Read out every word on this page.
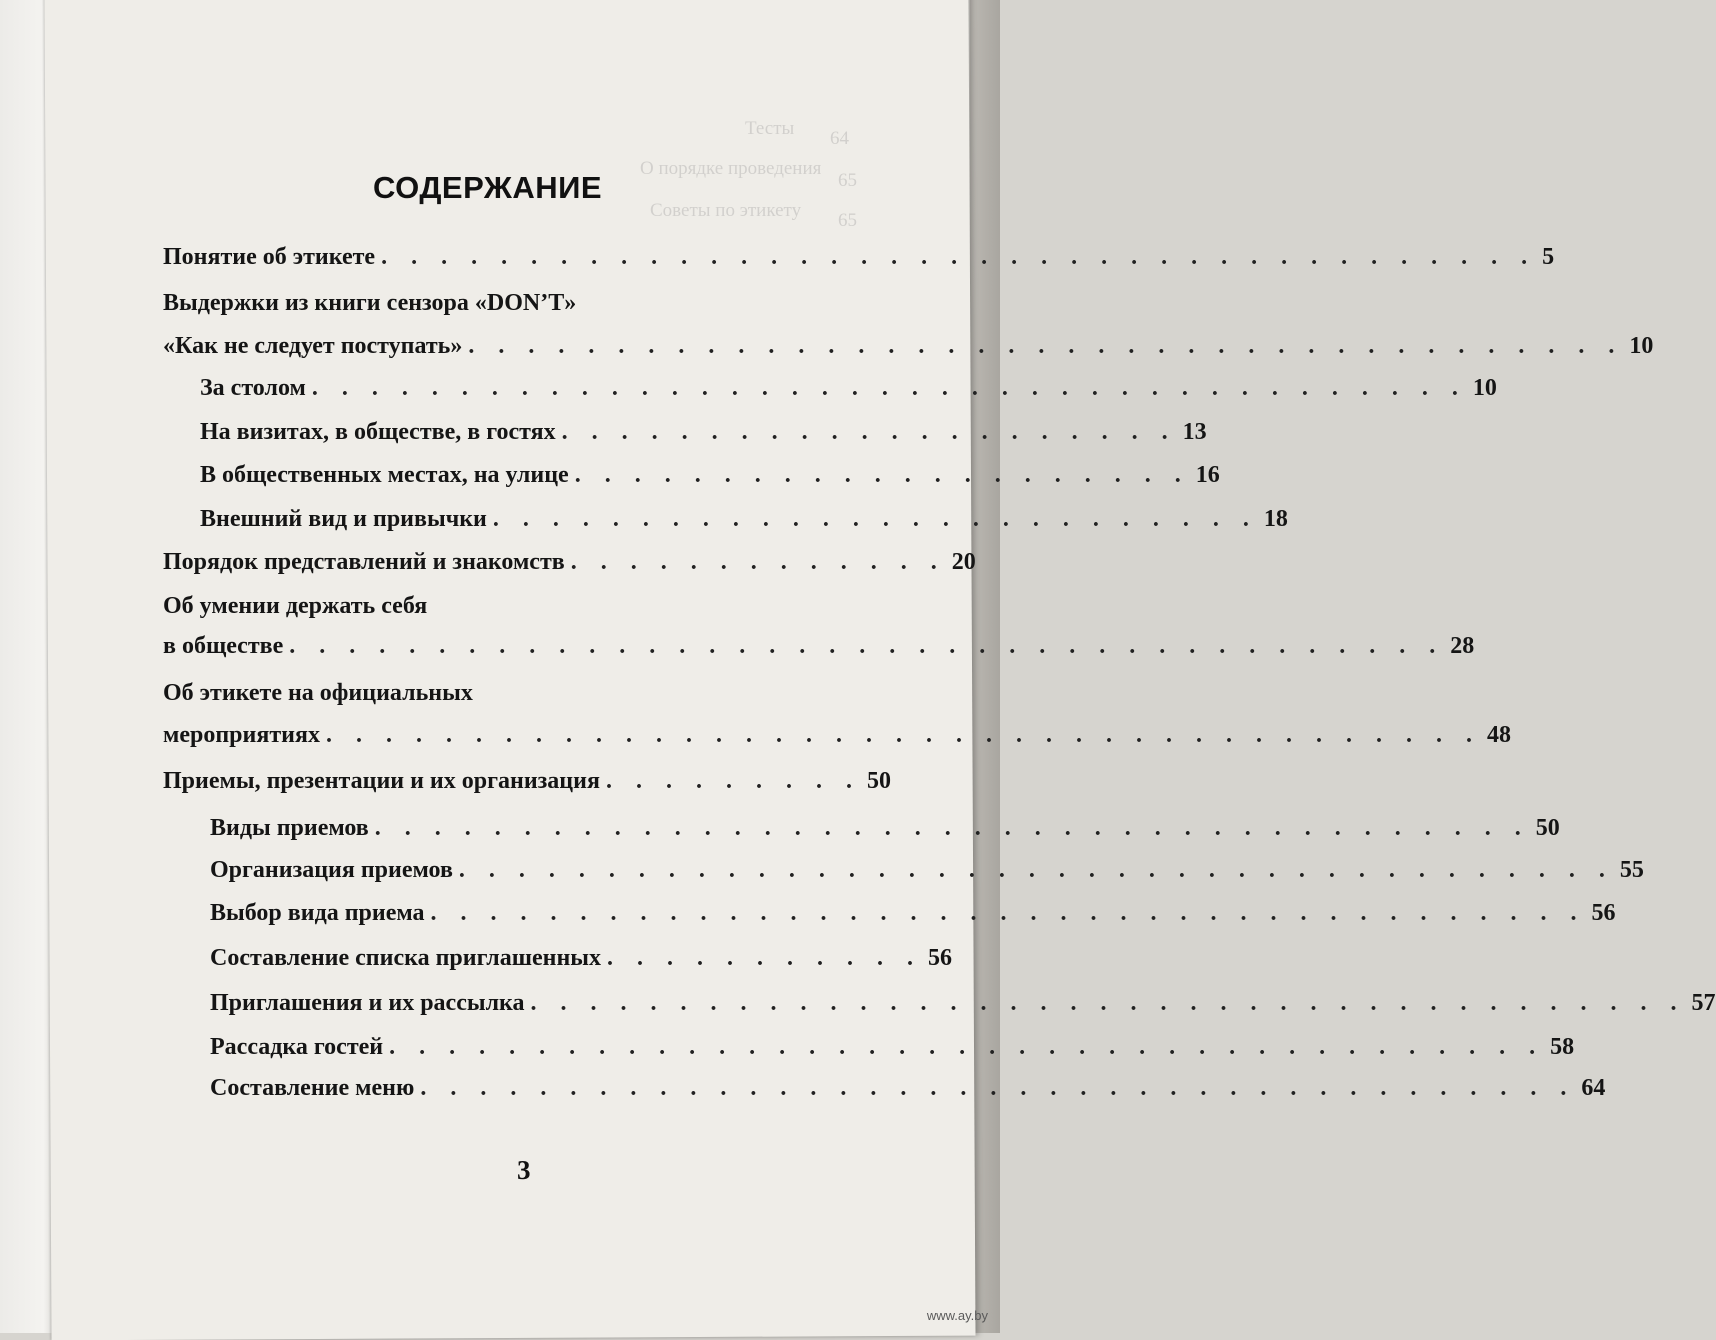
Тесты 64
О порядке проведения
65
Советы по этикету 65
СОДЕРЖАНИЕ
Понятие об этикете . . . . . . . . . . . . . . . . . . . . . . . . . . . . . . . . . . . . . . . 5
Выдержки из книги сензора «DON’T»
«Как не следует поступать» . . . . . . . . . . . . . . . . . . . . . . . . . . . . . . . . . . . . . . . 10
За столом . . . . . . . . . . . . . . . . . . . . . . . . . . . . . . . . . . . . . . . 10
На визитах, в обществе, в гостях . . . . . . . . . . . . . . . . . . . . . 13
В общественных местах, на улице . . . . . . . . . . . . . . . . . . . . . 16
Внешний вид и привычки . . . . . . . . . . . . . . . . . . . . . . . . . . 18
Порядок представлений и знакомств . . . . . . . . . . . . . 20
Об умении держать себя
в обществе . . . . . . . . . . . . . . . . . . . . . . . . . . . . . . . . . . . . . . . 28
Об этикете на официальных
мероприятиях . . . . . . . . . . . . . . . . . . . . . . . . . . . . . . . . . . . . . . . 48
Приемы, презентации и их организация . . . . . . . . . 50
Виды приемов . . . . . . . . . . . . . . . . . . . . . . . . . . . . . . . . . . . . . . . 50
Организация приемов . . . . . . . . . . . . . . . . . . . . . . . . . . . . . . . . . . . . . . . 55
Выбор вида приема . . . . . . . . . . . . . . . . . . . . . . . . . . . . . . . . . . . . . . . 56
Составление списка приглашенных . . . . . . . . . . . 56
Приглашения и их рассылка . . . . . . . . . . . . . . . . . . . . . . . . . . . . . . . . . . . . . . . 57
Рассадка гостей . . . . . . . . . . . . . . . . . . . . . . . . . . . . . . . . . . . . . . . 58
Составление меню . . . . . . . . . . . . . . . . . . . . . . . . . . . . . . . . . . . . . . . 64
3
www.ay.by
